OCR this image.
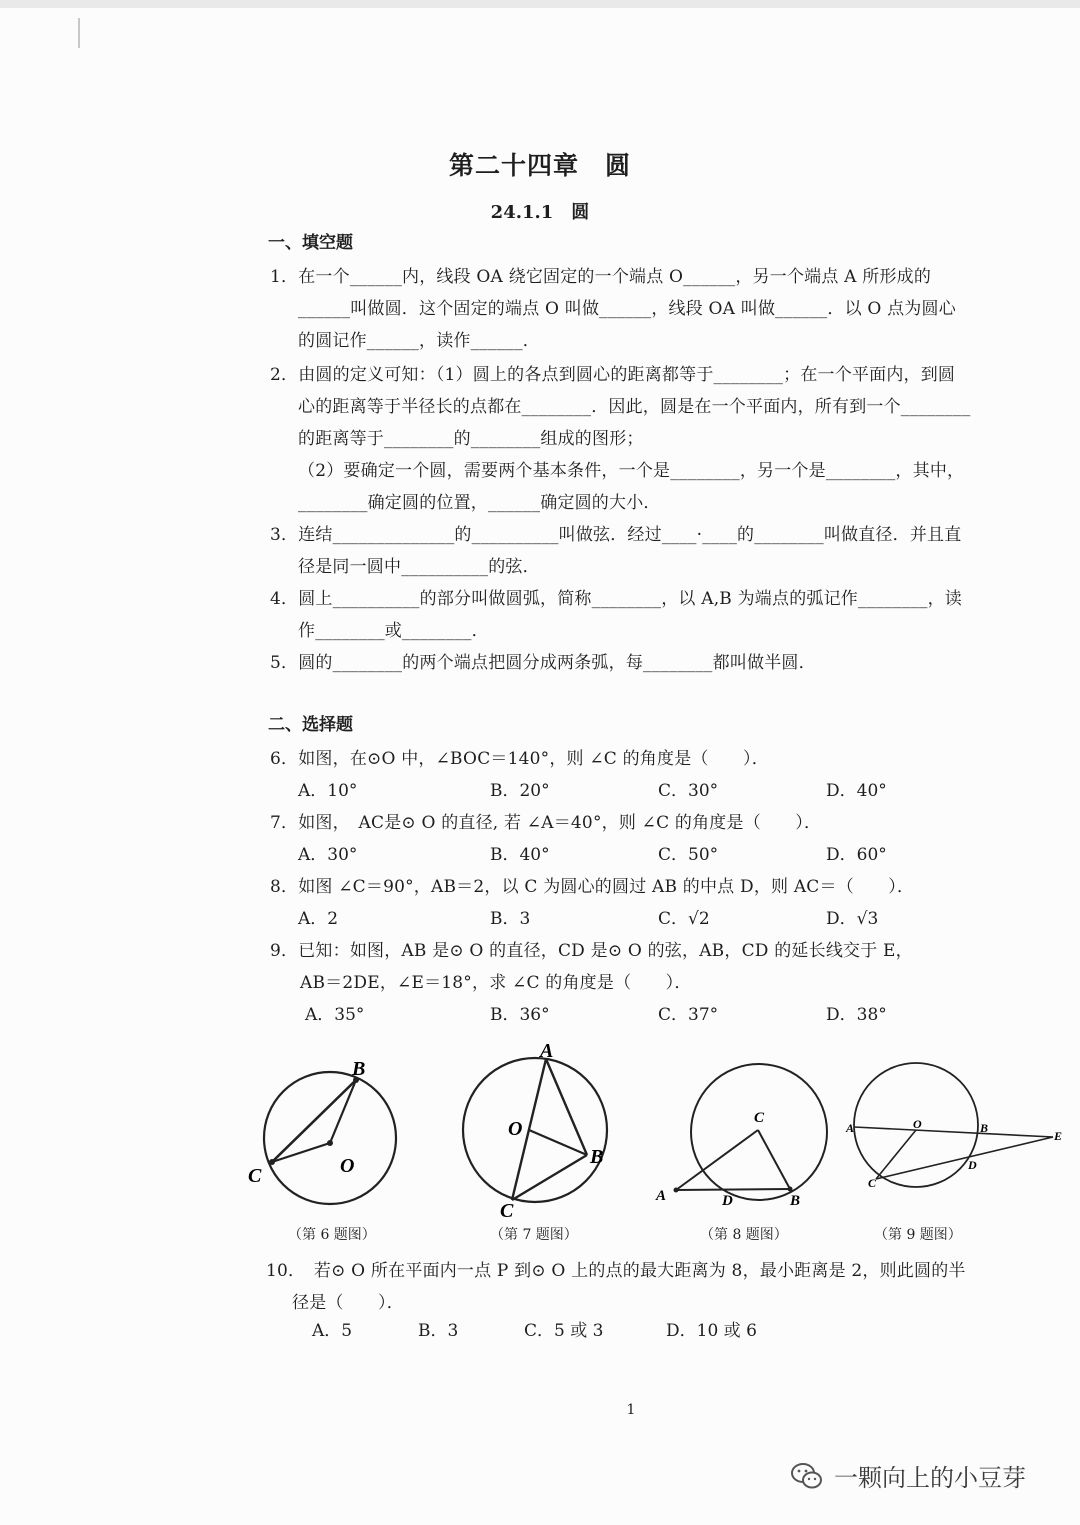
第二十四章　圆
24.1.1　圆
一、填空题
1．在一个______内，线段 OA 绕它固定的一个端点 O______，另一个端点 A 所形成的
______叫做圆．这个固定的端点 O 叫做______，线段 OA 叫做______．以 O 点为圆心
的圆记作______，读作______．
2．由圆的定义可知：（1）圆上的各点到圆心的距离都等于________；在一个平面内，到圆
心的距离等于半径长的点都在________．因此，圆是在一个平面内，所有到一个________
的距离等于________的________组成的图形；
（2）要确定一个圆，需要两个基本条件，一个是________，另一个是________，其中，
________确定圆的位置，______确定圆的大小．
3．连结______________的__________叫做弦．经过____·____的________叫做直径．并且直
径是同一圆中__________的弦．
4．圆上__________的部分叫做圆弧，简称________，以 A,B 为端点的弧记作________，读
作________或________．
5．圆的________的两个端点把圆分成两条弧，每________都叫做半圆．
二、选择题
6．如图，在⊙O 中，∠BOC＝140°，则 ∠C 的角度是（　　）．
A．10°	B．20°	C．30°	D．40°
7．如图，　AC是⊙ O 的直径, 若 ∠A＝40°，则 ∠C 的角度是（　　）．
A．30°	B．40°	C．50°	D．60°
8．如图 ∠C＝90°，AB＝2，以 C 为圆心的圆过 AB 的中点 D，则 AC＝（　　）．
A．2	B．3	C．√2	D．√3
9．已知：如图，AB 是⊙ O 的直径，CD 是⊙ O 的弦，AB，CD 的延长线交于 E，
AB＝2DE，∠E＝18°，求 ∠C 的角度是（　　）．
A．35°	B．36°	C．37°	D．38°
B
C	O
A
O
B
C
C
A	D	B
A	O	B
E
D
C
（第 6 题图）	（第 7 题图）	（第 8 题图）	（第 9 题图）
10．　若⊙ O 所在平面内一点 P 到⊙ O 上的点的最大距离为 8，最小距离是 2，则此圆的半
径是（　　）．
A．5	B．3	C．5 或 3	D．10 或 6
1
一颗向上的小豆芽
